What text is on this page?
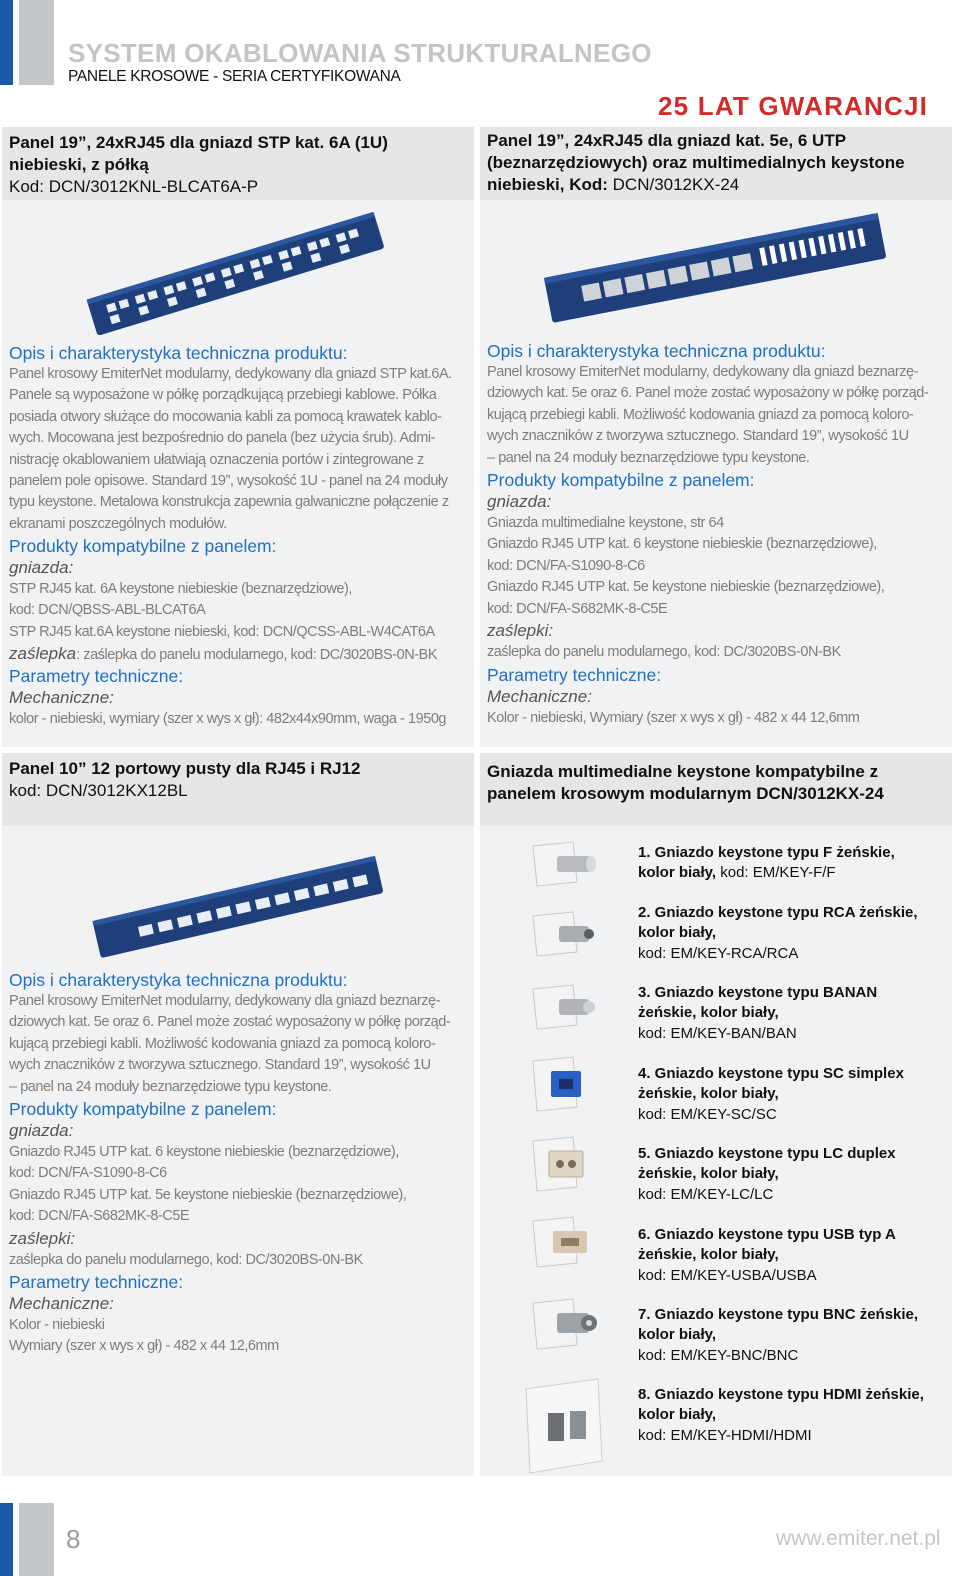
SYSTEM OKABLOWANIA STRUKTURALNEGO
PANELE KROSOWE - SERIA CERTYFIKOWANA
25 LAT GWARANCJI
Panel 19”, 24xRJ45 dla gniazd STP kat. 6A (1U)
niebieski, z półką
Kod: DCN/3012KNL-BLCAT6A-P
Opis i charakterystyka techniczna produktu:

Panel krosowy EmiterNet modularny, dedykowany dla gniazd STP kat.6A.

Panele są wyposażone w półkę porządkującą przebiegi kablowe. Półka

posiada otwory służące do mocowania kabli za pomocą krawatek kablo-

wych. Mocowana jest bezpośrednio do panela (bez użycia śrub). Admi-

nistrację okablowaniem ułatwiają oznaczenia portów i zintegrowane z

panelem pole opisowe. Standard 19”, wysokość 1U - panel na 24 moduły

typu keystone. Metalowa konstrukcja zapewnia galwaniczne połączenie z

ekranami poszczególnych modułów.

Produkty kompatybilne z panelem:
gniazda:

STP RJ45 kat. 6A keystone niebieskie (beznarzędziowe),

kod: DCN/QBSS-ABL-BLCAT6A

STP RJ45 kat.6A keystone niebieski, kod: DCN/QCSS-ABL-W4CAT6A

zaślepka: zaślepka do panelu modularnego, kod: DC/3020BS-0N-BK
Parametry techniczne:
Mechaniczne:

kolor - niebieski, wymiary (szer x wys x gł): 482x44x90mm, waga - 1950g

Panel 19”, 24xRJ45 dla gniazd kat. 5e, 6 UTP
(beznarzędziowych) oraz multimedialnych keystone
niebieski, Kod: DCN/3012KX-24
Opis i charakterystyka techniczna produktu:

Panel krosowy EmiterNet modularny, dedykowany dla gniazd beznarzę-

dziowych kat. 5e oraz 6. Panel może zostać wyposażony w półkę porząd-

kującą przebiegi kabli. Możliwość kodowania gniazd za pomocą koloro-

wych znaczników z tworzywa sztucznego. Standard 19”, wysokość 1U

– panel na 24 moduły beznarzędziowe typu keystone.

Produkty kompatybilne z panelem:
gniazda:

Gniazda multimedialne keystone, str 64

Gniazdo RJ45 UTP kat. 6 keystone niebieskie (beznarzędziowe),

kod: DCN/FA-S1090-8-C6

Gniazdo RJ45 UTP kat. 5e keystone niebieskie (beznarzędziowe),

kod: DCN/FA-S682MK-8-C5E

zaślepki:

zaślepka do panelu modularnego, kod: DC/3020BS-0N-BK

Parametry techniczne:
Mechaniczne:

Kolor - niebieski, Wymiary (szer x wys x gł) - 482 x 44 12,6mm

Panel 10” 12 portowy pusty dla RJ45 i RJ12
kod: DCN/3012KX12BL
Opis i charakterystyka techniczna produktu:

Panel krosowy EmiterNet modularny, dedykowany dla gniazd beznarzę-

dziowych kat. 5e oraz 6. Panel może zostać wyposażony w półkę porząd-

kującą przebiegi kabli. Możliwość kodowania gniazd za pomocą koloro-

wych znaczników z tworzywa sztucznego. Standard 19”, wysokość 1U

– panel na 24 moduły beznarzędziowe typu keystone.

Produkty kompatybilne z panelem:
gniazda:

Gniazdo RJ45 UTP kat. 6 keystone niebieskie (beznarzędziowe),

kod: DCN/FA-S1090-8-C6

Gniazdo RJ45 UTP kat. 5e keystone niebieskie (beznarzędziowe),

kod: DCN/FA-S682MK-8-C5E

zaślepki:

zaślepka do panelu modularnego, kod: DC/3020BS-0N-BK

Parametry techniczne:
Mechaniczne:

Kolor - niebieski

Wymiary (szer x wys x gł) - 482 x 44 12,6mm

Gniazda multimedialne keystone kompatybilne z
panelem krosowym modularnym DCN/3012KX-24
1. Gniazdo keystone typu F żeńskie,
kolor biały, kod: EM/KEY-F/F
2. Gniazdo keystone typu RCA żeńskie,
kolor biały,
kod: EM/KEY-RCA/RCA
3. Gniazdo keystone typu BANAN
żeńskie, kolor biały,
kod: EM/KEY-BAN/BAN
4. Gniazdo keystone typu SC simplex
żeńskie, kolor biały,
kod: EM/KEY-SC/SC
5. Gniazdo keystone typu LC duplex
żeńskie, kolor biały,
kod: EM/KEY-LC/LC
6. Gniazdo keystone typu USB typ A
żeńskie, kolor biały,
kod: EM/KEY-USBA/USBA
7. Gniazdo keystone typu BNC żeńskie,
kolor biały,
kod: EM/KEY-BNC/BNC
8. Gniazdo keystone typu HDMI żeńskie,
kolor biały,
kod: EM/KEY-HDMI/HDMI
8	www.emiter.net.pl
